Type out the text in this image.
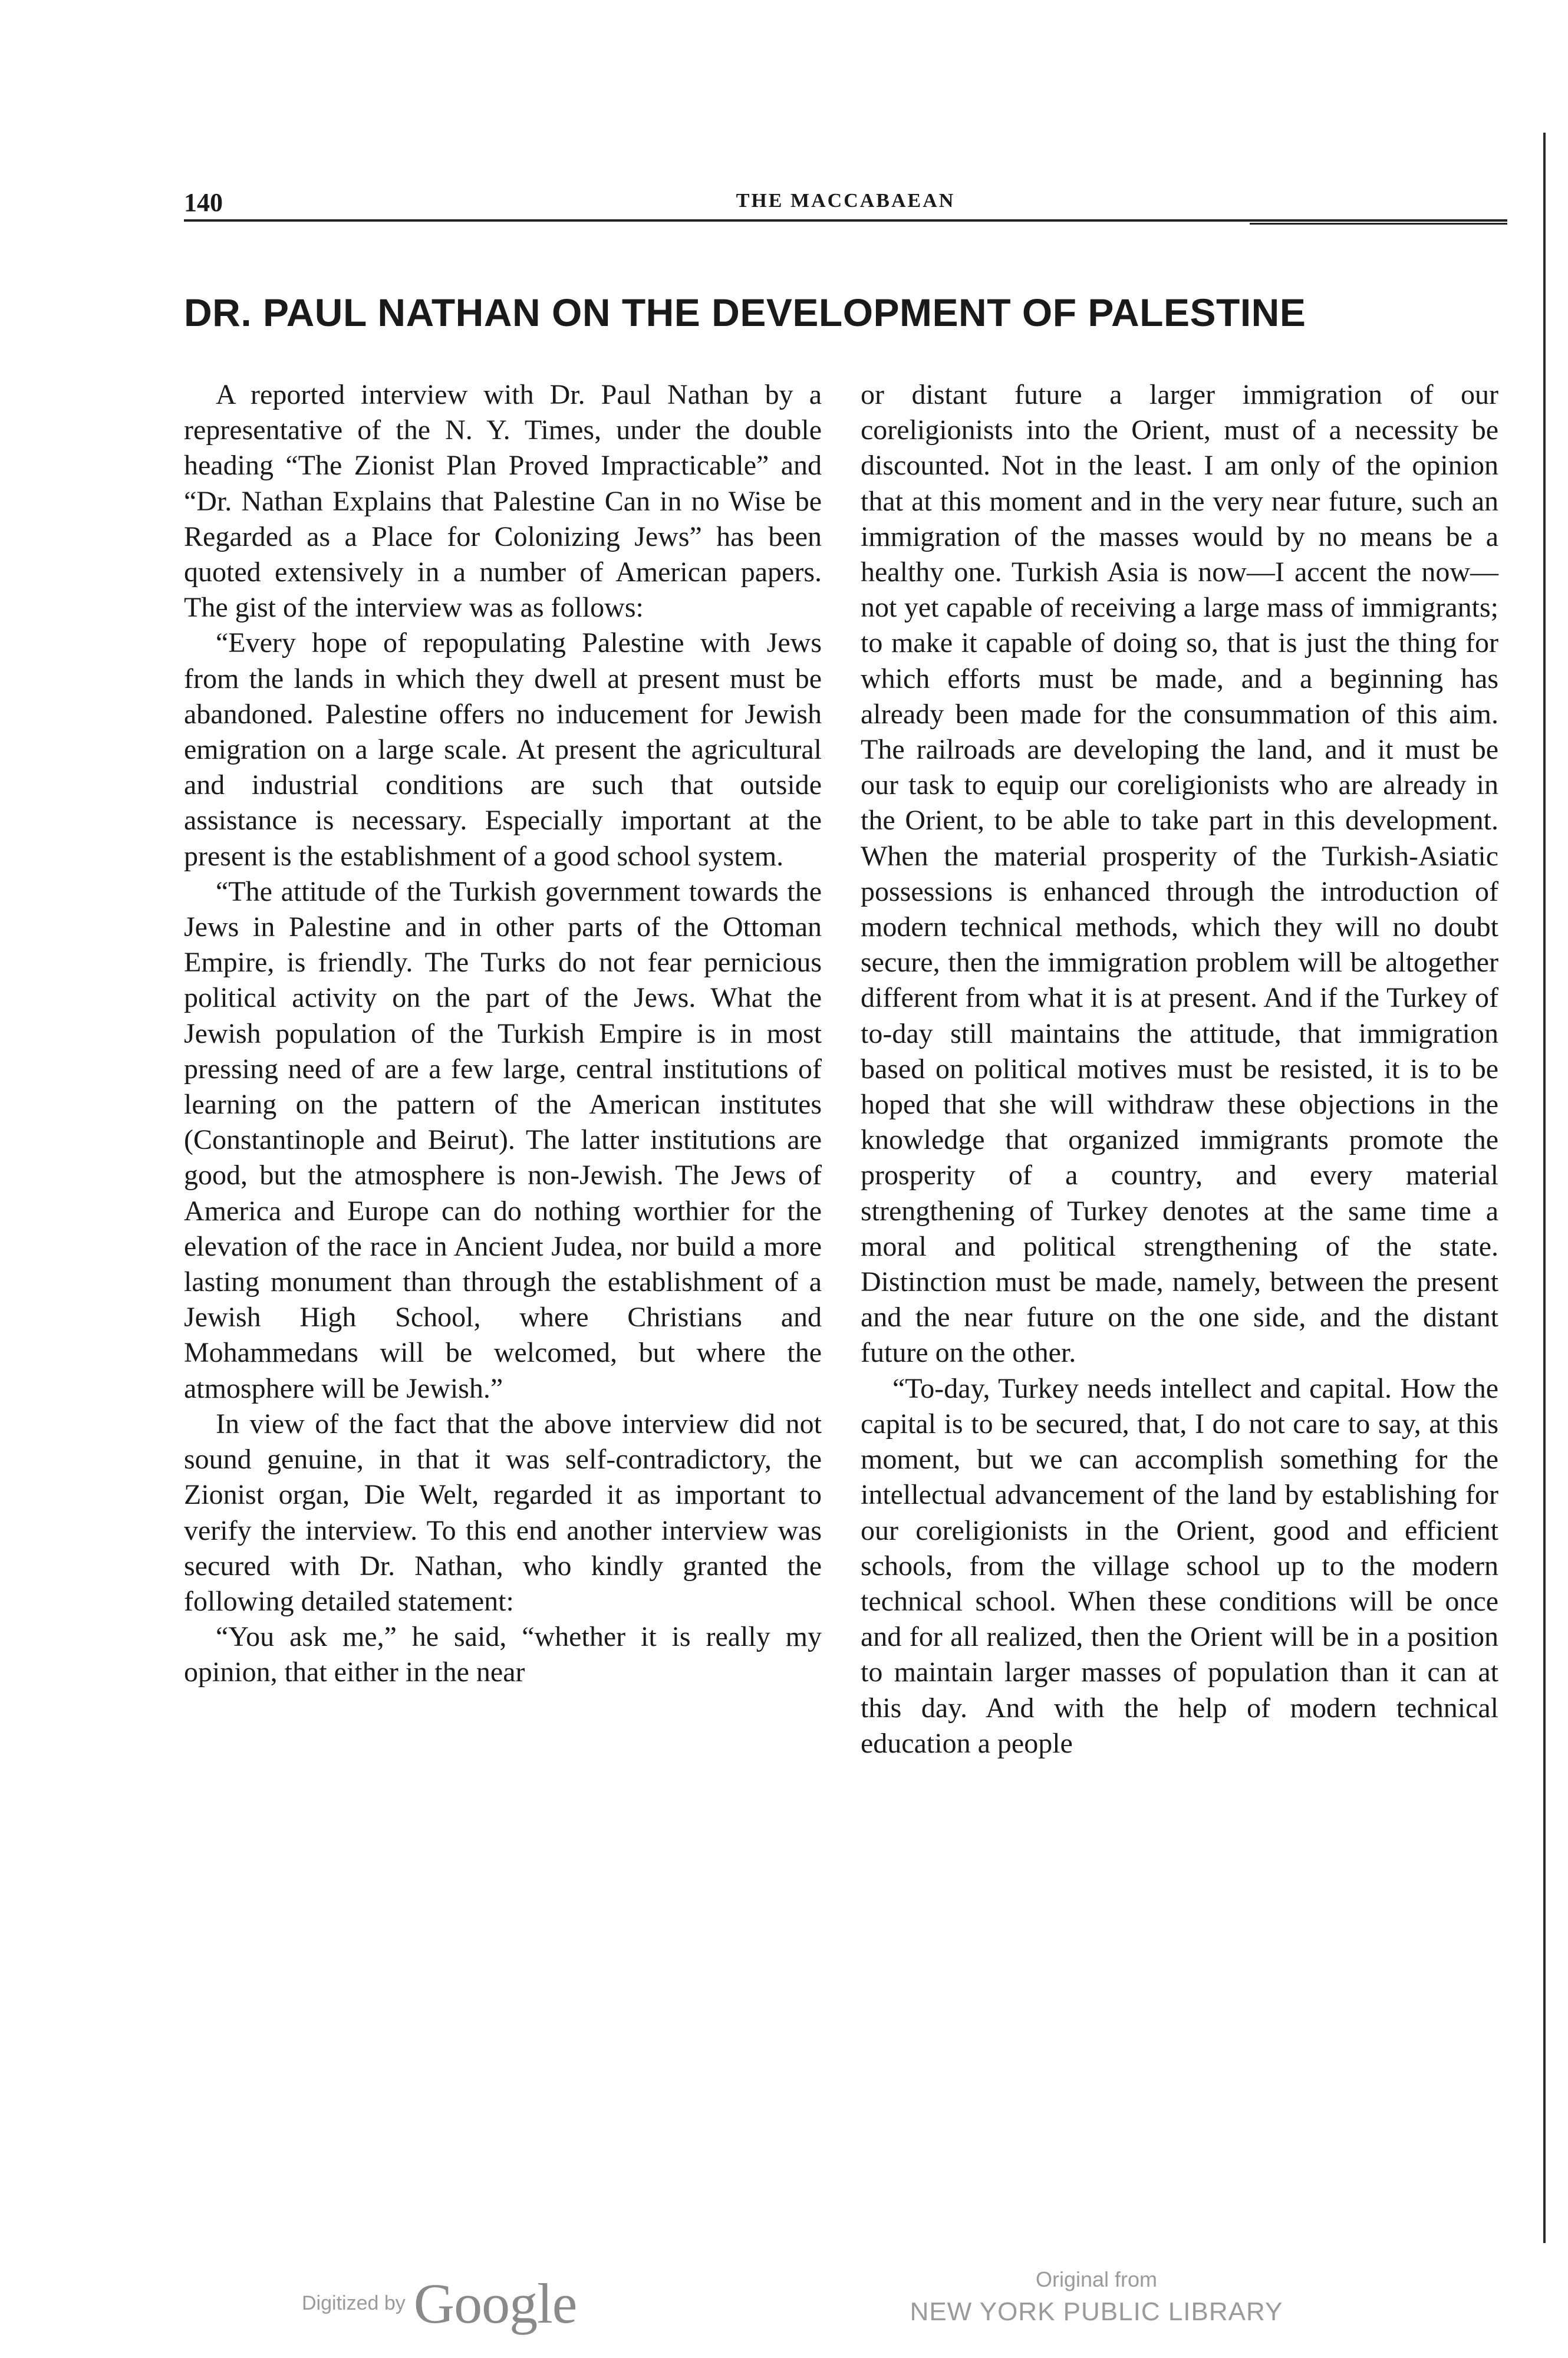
140	THE MACCABAEAN
DR. PAUL NATHAN ON THE DEVELOPMENT OF PALESTINE

A reported interview with Dr. Paul Nathan by a representative of the N. Y. Times, under the double heading “The Zionist Plan Proved Impracticable” and “Dr. Nathan Explains that Palestine Can in no Wise be Regarded as a Place for Colonizing Jews” has been quoted extensively in a number of American papers. The gist of the interview was as follows:

“Every hope of repopulating Palestine with Jews from the lands in which they dwell at present must be abandoned. Palestine offers no inducement for Jewish emigration on a large scale. At present the agricultural and industrial conditions are such that outside assistance is necessary. Especially important at the present is the establishment of a good school system.

“The attitude of the Turkish government towards the Jews in Palestine and in other parts of the Ottoman Empire, is friendly. The Turks do not fear pernicious political activity on the part of the Jews. What the Jewish population of the Turkish Empire is in most pressing need of are a few large, central institutions of learning on the pattern of the American institutes (Constantinople and Beirut). The latter institutions are good, but the atmosphere is non-Jewish. The Jews of America and Europe can do nothing worthier for the elevation of the race in Ancient Judea, nor build a more lasting monument than through the establishment of a Jewish High School, where Christians and Mohammedans will be welcomed, but where the atmosphere will be Jewish.”

In view of the fact that the above interview did not sound genuine, in that it was self-contradictory, the Zionist organ, Die Welt, regarded it as important to verify the interview. To this end another interview was secured with Dr. Nathan, who kindly granted the following detailed statement:

“You ask me,” he said, “whether it is really my opinion, that either in the near

or distant future a larger immigration of our coreligionists into the Orient, must of a necessity be discounted. Not in the least. I am only of the opinion that at this moment and in the very near future, such an immigration of the masses would by no means be a healthy one. Turkish Asia is now—I accent the now—not yet capable of receiving a large mass of immigrants; to make it capable of doing so, that is just the thing for which efforts must be made, and a beginning has already been made for the consummation of this aim. The railroads are developing the land, and it must be our task to equip our coreligionists who are already in the Orient, to be able to take part in this development. When the material prosperity of the Turkish-Asiatic possessions is enhanced through the introduction of modern technical methods, which they will no doubt secure, then the immigration problem will be altogether different from what it is at present. And if the Turkey of to-day still maintains the attitude, that immigration based on political motives must be resisted, it is to be hoped that she will withdraw these objections in the knowledge that organized immigrants promote the prosperity of a country, and every material strengthening of Turkey denotes at the same time a moral and political strengthening of the state. Distinction must be made, namely, between the present and the near future on the one side, and the distant future on the other.

“To-day, Turkey needs intellect and capital. How the capital is to be secured, that, I do not care to say, at this moment, but we can accomplish something for the intellectual advancement of the land by establishing for our coreligionists in the Orient, good and efficient schools, from the village school up to the modern technical school. When these conditions will be once and for all realized, then the Orient will be in a position to maintain larger masses of population than it can at this day. And with the help of modern technical education a people

Digitized by Google	Original from
NEW YORK PUBLIC LIBRARY
